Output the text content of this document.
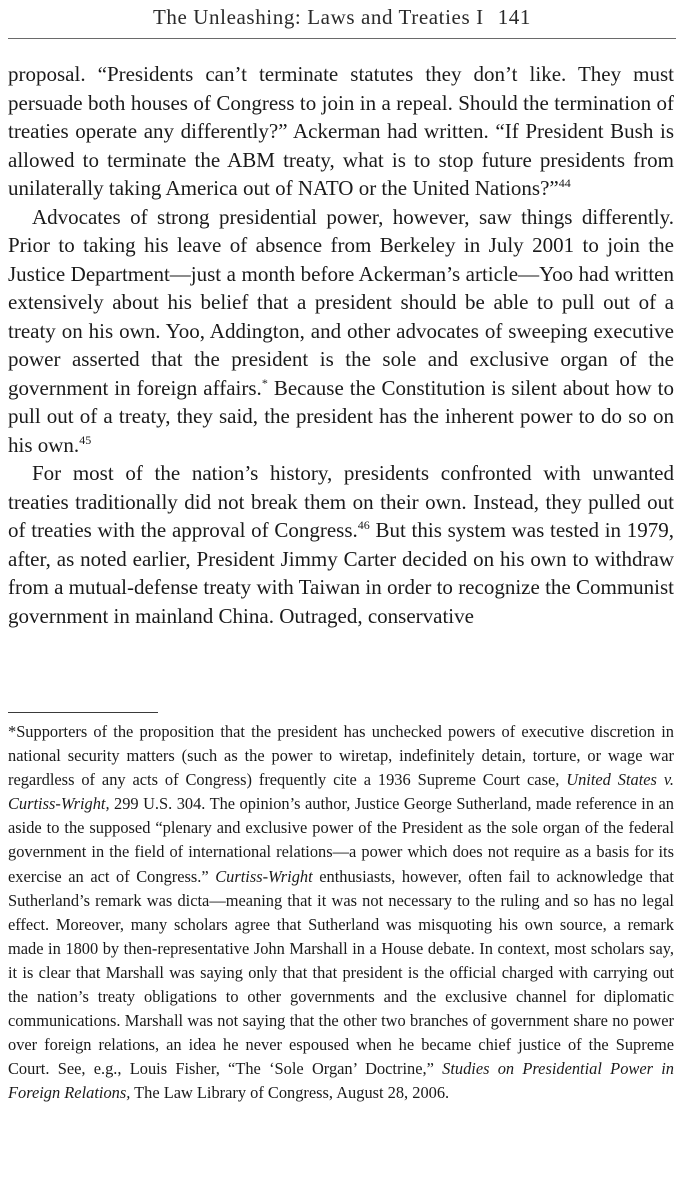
The Unleashing: Laws and Treaties I 141

proposal. “Presidents can’t terminate statutes they don’t like. They must persuade both houses of Congress to join in a repeal. Should the termination of treaties operate any differently?” Ackerman had written. “If President Bush is allowed to terminate the ABM treaty, what is to stop future presidents from unilaterally taking America out of NATO or the United Nations?”$^{44}$

Advocates of strong presidential power, however, saw things differently. Prior to taking his leave of absence from Berkeley in July 2001 to join the Justice Department—just a month before Ackerman’s article—Yoo had written extensively about his belief that a president should be able to pull out of a treaty on his own. Yoo, Addington, and other advocates of sweeping executive power asserted that the president is the sole and exclusive organ of the government in foreign affairs.* Because the Constitution is silent about how to pull out of a treaty, they said, the president has the inherent power to do so on his own.$^{45}$

For most of the nation’s history, presidents confronted with unwanted treaties traditionally did not break them on their own. Instead, they pulled out of treaties with the approval of Congress.$^{46}$ But this system was tested in 1979, after, as noted earlier, President Jimmy Carter decided on his own to withdraw from a mutual-defense treaty with Taiwan in order to recognize the Communist government in mainland China. Outraged, conservative

*Supporters of the proposition that the president has unchecked powers of executive discretion in national security matters (such as the power to wiretap, indefinitely detain, torture, or wage war regardless of any acts of Congress) frequently cite a 1936 Supreme Court case, United States v. Curtiss-Wright, 299 U.S. 304. The opinion’s author, Justice George Sutherland, made reference in an aside to the supposed “plenary and exclusive power of the President as the sole organ of the federal government in the field of international relations—a power which does not require as a basis for its exercise an act of Congress.” Curtiss-Wright enthusiasts, however, often fail to acknowledge that Sutherland’s remark was dicta—meaning that it was not necessary to the ruling and so has no legal effect. Moreover, many scholars agree that Sutherland was misquoting his own source, a remark made in 1800 by then-representative John Marshall in a House debate. In context, most scholars say, it is clear that Marshall was saying only that that president is the official charged with carrying out the nation’s treaty obligations to other governments and the exclusive channel for diplomatic communications. Marshall was not saying that the other two branches of government share no power over foreign relations, an idea he never espoused when he became chief justice of the Supreme Court. See, e.g., Louis Fisher, “The ‘Sole Organ’ Doctrine,” Studies on Presidential Power in Foreign Relations, The Law Library of Congress, August 28, 2006.
